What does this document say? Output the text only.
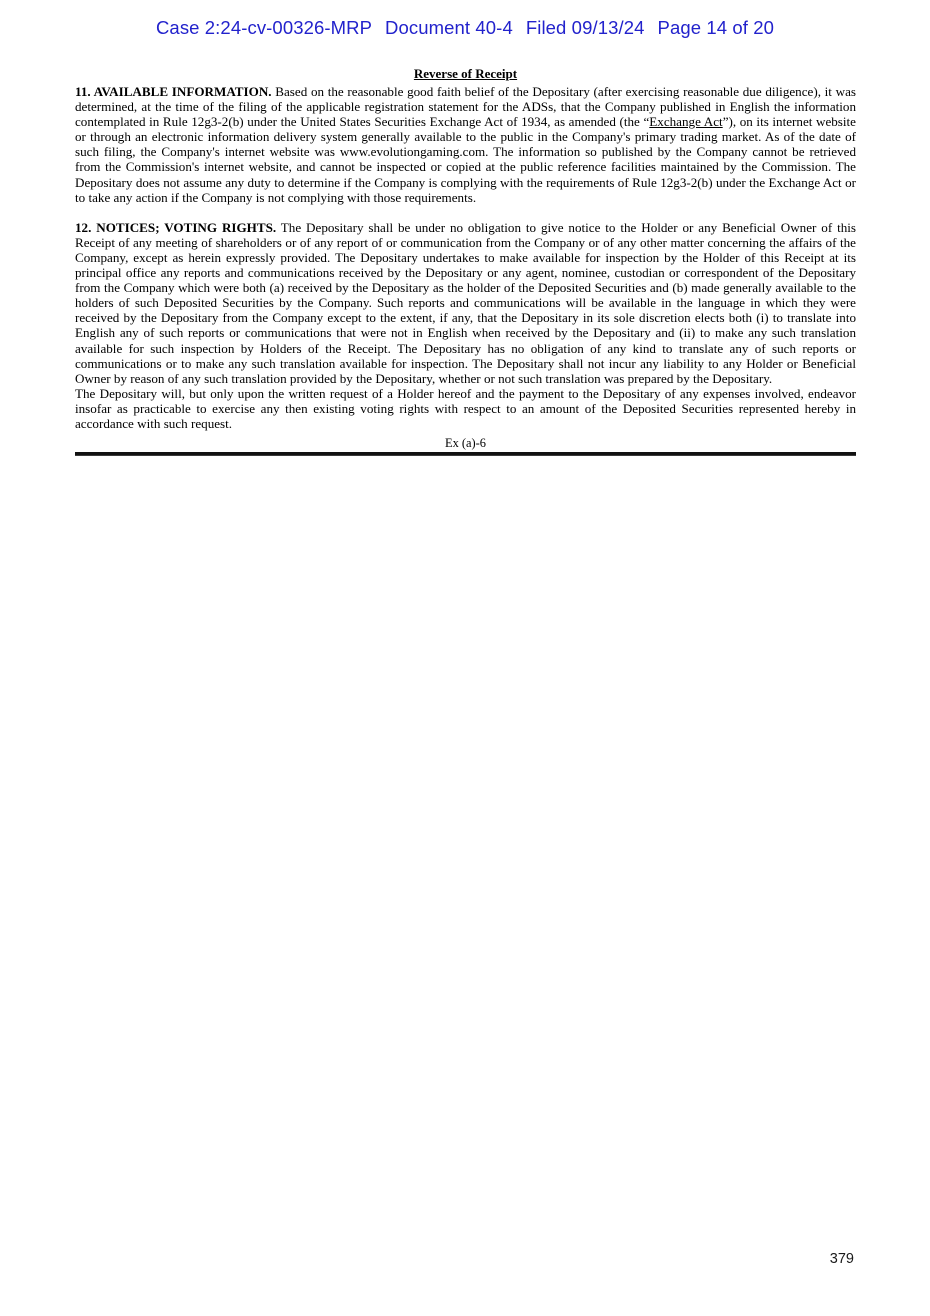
Case 2:24-cv-00326-MRP Document 40-4 Filed 09/13/24 Page 14 of 20
Reverse of Receipt

11. AVAILABLE INFORMATION. Based on the reasonable good faith belief of the Depositary (after exercising reasonable due diligence), it was determined, at the time of the filing of the applicable registration statement for the ADSs, that the Company published in English the information contemplated in Rule 12g3-2(b) under the United States Securities Exchange Act of 1934, as amended (the “Exchange Act”), on its internet website or through an electronic information delivery system generally available to the public in the Company's primary trading market. As of the date of such filing, the Company's internet website was www.evolutiongaming.com. The information so published by the Company cannot be retrieved from the Commission's internet website, and cannot be inspected or copied at the public reference facilities maintained by the Commission. The Depositary does not assume any duty to determine if the Company is complying with the requirements of Rule 12g3-2(b) under the Exchange Act or to take any action if the Company is not complying with those requirements.

12. NOTICES; VOTING RIGHTS. The Depositary shall be under no obligation to give notice to the Holder or any Beneficial Owner of this Receipt of any meeting of shareholders or of any report of or communication from the Company or of any other matter concerning the affairs of the Company, except as herein expressly provided. The Depositary undertakes to make available for inspection by the Holder of this Receipt at its principal office any reports and communications received by the Depositary or any agent, nominee, custodian or correspondent of the Depositary from the Company which were both (a) received by the Depositary as the holder of the Deposited Securities and (b) made generally available to the holders of such Deposited Securities by the Company. Such reports and communications will be available in the language in which they were received by the Depositary from the Company except to the extent, if any, that the Depositary in its sole discretion elects both (i) to translate into English any of such reports or communications that were not in English when received by the Depositary and (ii) to make any such translation available for such inspection by Holders of the Receipt. The Depositary has no obligation of any kind to translate any of such reports or communications or to make any such translation available for inspection. The Depositary shall not incur any liability to any Holder or Beneficial Owner by reason of any such translation provided by the Depositary, whether or not such translation was prepared by the Depositary.

The Depositary will, but only upon the written request of a Holder hereof and the payment to the Depositary of any expenses involved, endeavor insofar as practicable to exercise any then existing voting rights with respect to an amount of the Deposited Securities represented hereby in accordance with such request.

Ex (a)-6
379
